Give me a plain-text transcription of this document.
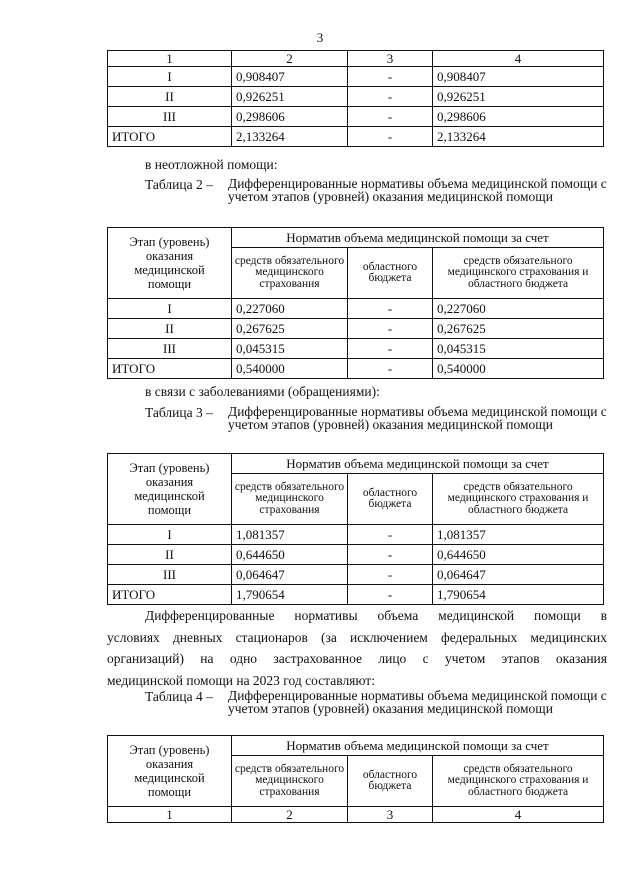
3
1	2	3	4
I	0,908407	-	0,908407
II	0,926251	-	0,926251
III	0,298606	-	0,298606
ИТОГО	2,133264	-	2,133264
в неотложной помощи:
Таблица 2 – Дифференцированные нормативы объема медицинской помощи с учетом этапов (уровней) оказания медицинской помощи
Этап (уровень) оказания медицинской помощи	Норматив объема медицинской помощи за счет		
	средств обязательного медицинского страхования	областного бюджета	средств обязательного медицинского страхования и областного бюджета
I	0,227060	-	0,227060
II	0,267625	-	0,267625
III	0,045315	-	0,045315
ИТОГО	0,540000	-	0,540000
в связи с заболеваниями (обращениями):
Таблица 3 – Дифференцированные нормативы объема медицинской помощи с учетом этапов (уровней) оказания медицинской помощи
Этап (уровень) оказания медицинской помощи	Норматив объема медицинской помощи за счет		
	средств обязательного медицинского страхования	областного бюджета	средств обязательного медицинского страхования и областного бюджета
I	1,081357	-	1,081357
II	0,644650	-	0,644650
III	0,064647	-	0,064647
ИТОГО	1,790654	-	1,790654
Дифференцированные нормативы объема медицинской помощи в
условиях дневных стационаров (за исключением федеральных медицинских
организаций) на одно застрахованное лицо с учетом этапов оказания
медицинской помощи на 2023 год составляют:
Таблица 4 – Дифференцированные нормативы объема медицинской помощи с учетом этапов (уровней) оказания медицинской помощи
Этап (уровень) оказания медицинской помощи	Норматив объема медицинской помощи за счет		
	средств обязательного медицинского страхования	областного бюджета	средств обязательного медицинского страхования и областного бюджета
1	2	3	4
